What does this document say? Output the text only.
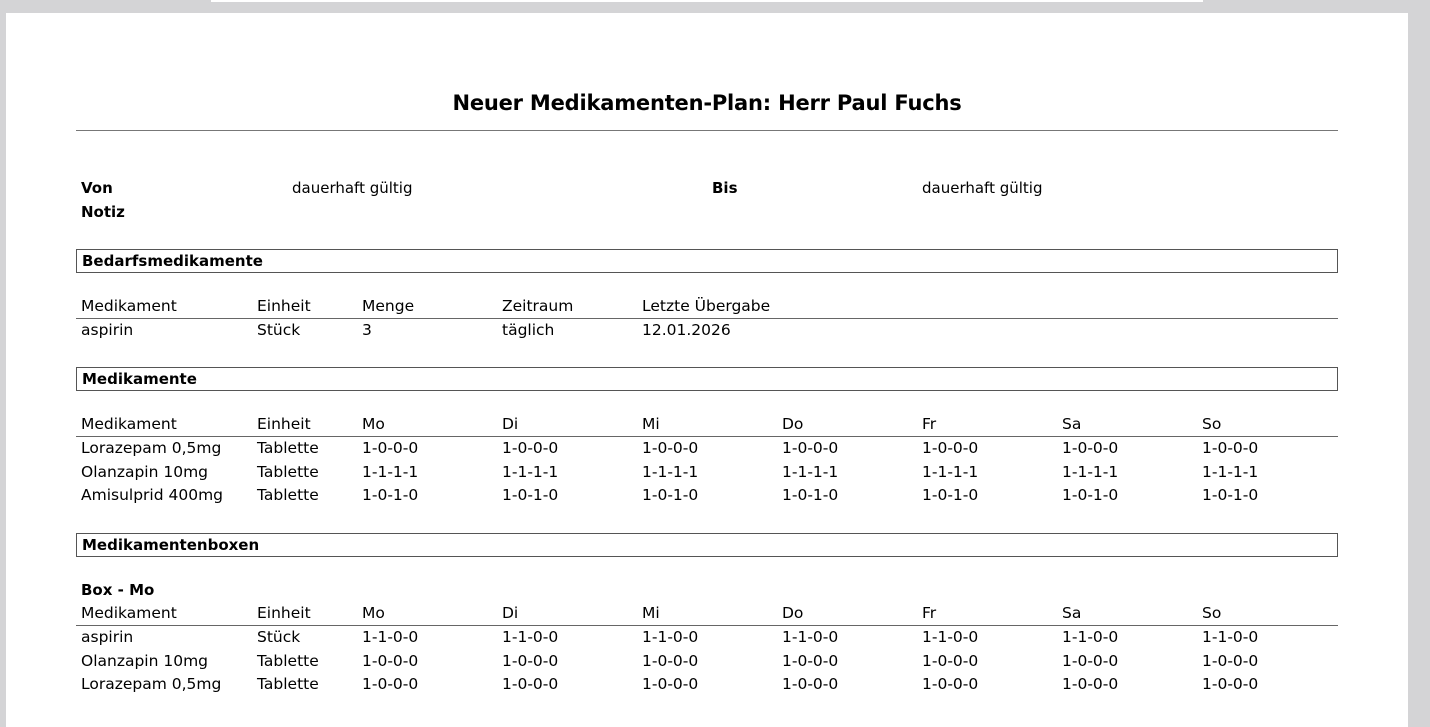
Neuer Medikamenten-Plan: Herr Paul Fuchs
Von	dauerhaft gültig	Bis	dauerhaft gültig
Notiz
Bedarfsmedikamente
Medikament	Einheit	Menge	Zeitraum	Letzte Übergabe
aspirin	Stück	3	täglich	12.01.2026
Medikamente
Medikament	Einheit	Mo	Di	Mi	Do	Fr	Sa	So
Lorazepam 0,5mg Tablette	1-0-0-0	1-0-0-0	1-0-0-0	1-0-0-0	1-0-0-0	1-0-0-0	1-0-0-0
Olanzapin 10mg	Tablette	1-1-1-1	1-1-1-1	1-1-1-1	1-1-1-1	1-1-1-1	1-1-1-1	1-1-1-1
Amisulprid 400mg Tablette	1-0-1-0	1-0-1-0	1-0-1-0	1-0-1-0	1-0-1-0	1-0-1-0	1-0-1-0
Medikamentenboxen
Box - Mo
Medikament	Einheit	Mo	Di	Mi	Do	Fr	Sa	So
aspirin	Stück	1-1-0-0	1-1-0-0	1-1-0-0	1-1-0-0	1-1-0-0	1-1-0-0	1-1-0-0
Olanzapin 10mg	Tablette	1-0-0-0	1-0-0-0	1-0-0-0	1-0-0-0	1-0-0-0	1-0-0-0	1-0-0-0
Lorazepam 0,5mg Tablette	1-0-0-0	1-0-0-0	1-0-0-0	1-0-0-0	1-0-0-0	1-0-0-0	1-0-0-0
